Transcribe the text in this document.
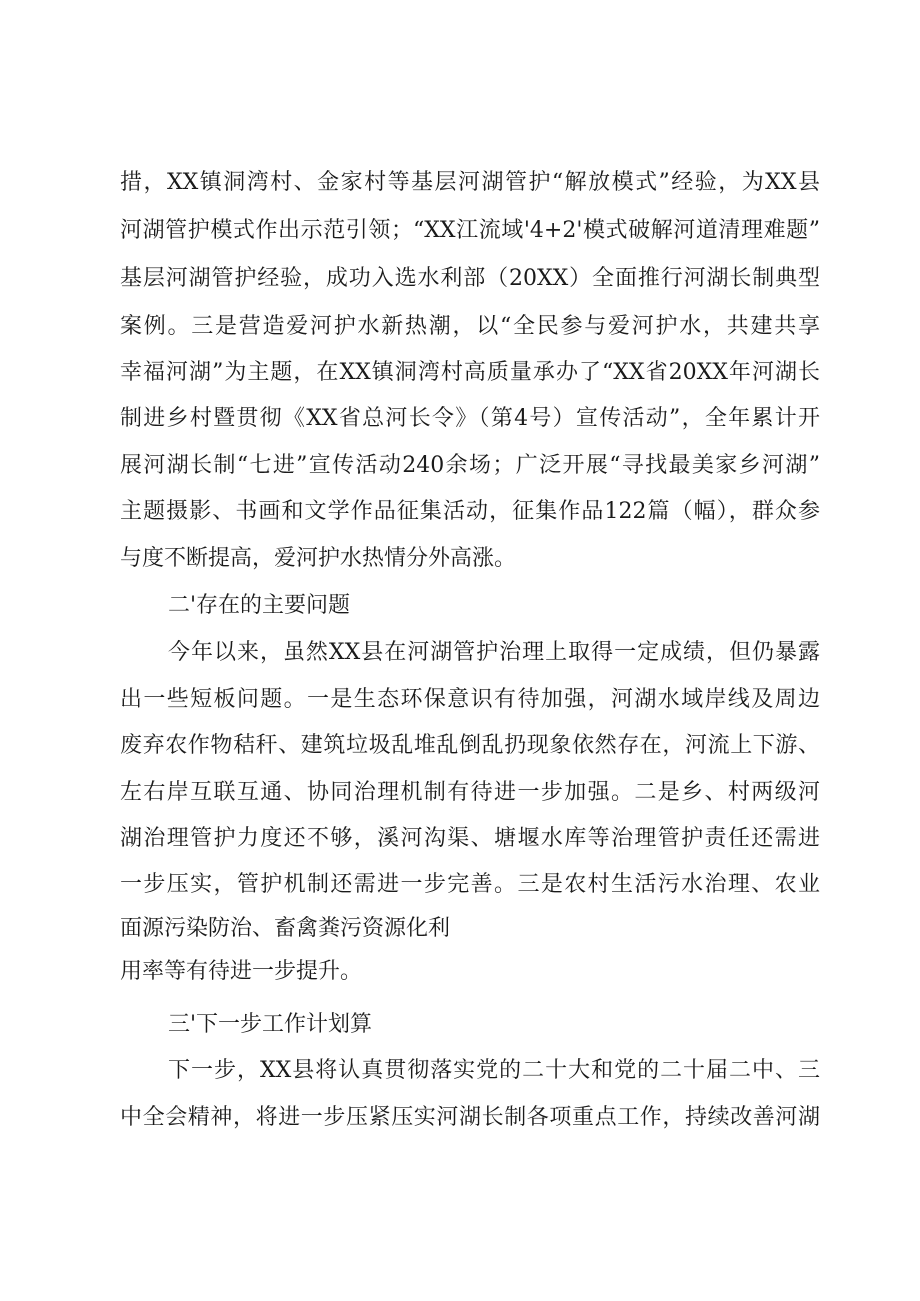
措，XX镇洞湾村、金家村等基层河湖管护“解放模式”经验，为XX县
河湖管护模式作出示范引领；“XX江流域'4+2'模式破解河道清理难题”
基层河湖管护经验，成功入选水利部（20XX）全面推行河湖长制典型
案例。三是营造爱河护水新热潮，以“全民参与爱河护水，共建共享
幸福河湖”为主题，在XX镇洞湾村高质量承办了“XX省20XX年河湖长
制进乡村暨贯彻《XX省总河长令》（第4号）宣传活动”，全年累计开
展河湖长制“七进”宣传活动240余场；广泛开展“寻找最美家乡河湖”
主题摄影、书画和文学作品征集活动，征集作品122篇（幅），群众参
与度不断提高，爱河护水热情分外高涨。
二'存在的主要问题
今年以来，虽然XX县在河湖管护治理上取得一定成绩，但仍暴露
出一些短板问题。一是生态环保意识有待加强，河湖水域岸线及周边
废弃农作物秸秆、建筑垃圾乱堆乱倒乱扔现象依然存在，河流上下游、
左右岸互联互通、协同治理机制有待进一步加强。二是乡、村两级河
湖治理管护力度还不够，溪河沟渠、塘堰水库等治理管护责任还需进
一步压实，管护机制还需进一步完善。三是农村生活污水治理、农业
面源污染防治、畜禽粪污资源化利
用率等有待进一步提升。
三'下一步工作计划算
下一步，XX县将认真贯彻落实党的二十大和党的二十届二中、三
中全会精神，将进一步压紧压实河湖长制各项重点工作，持续改善河湖
